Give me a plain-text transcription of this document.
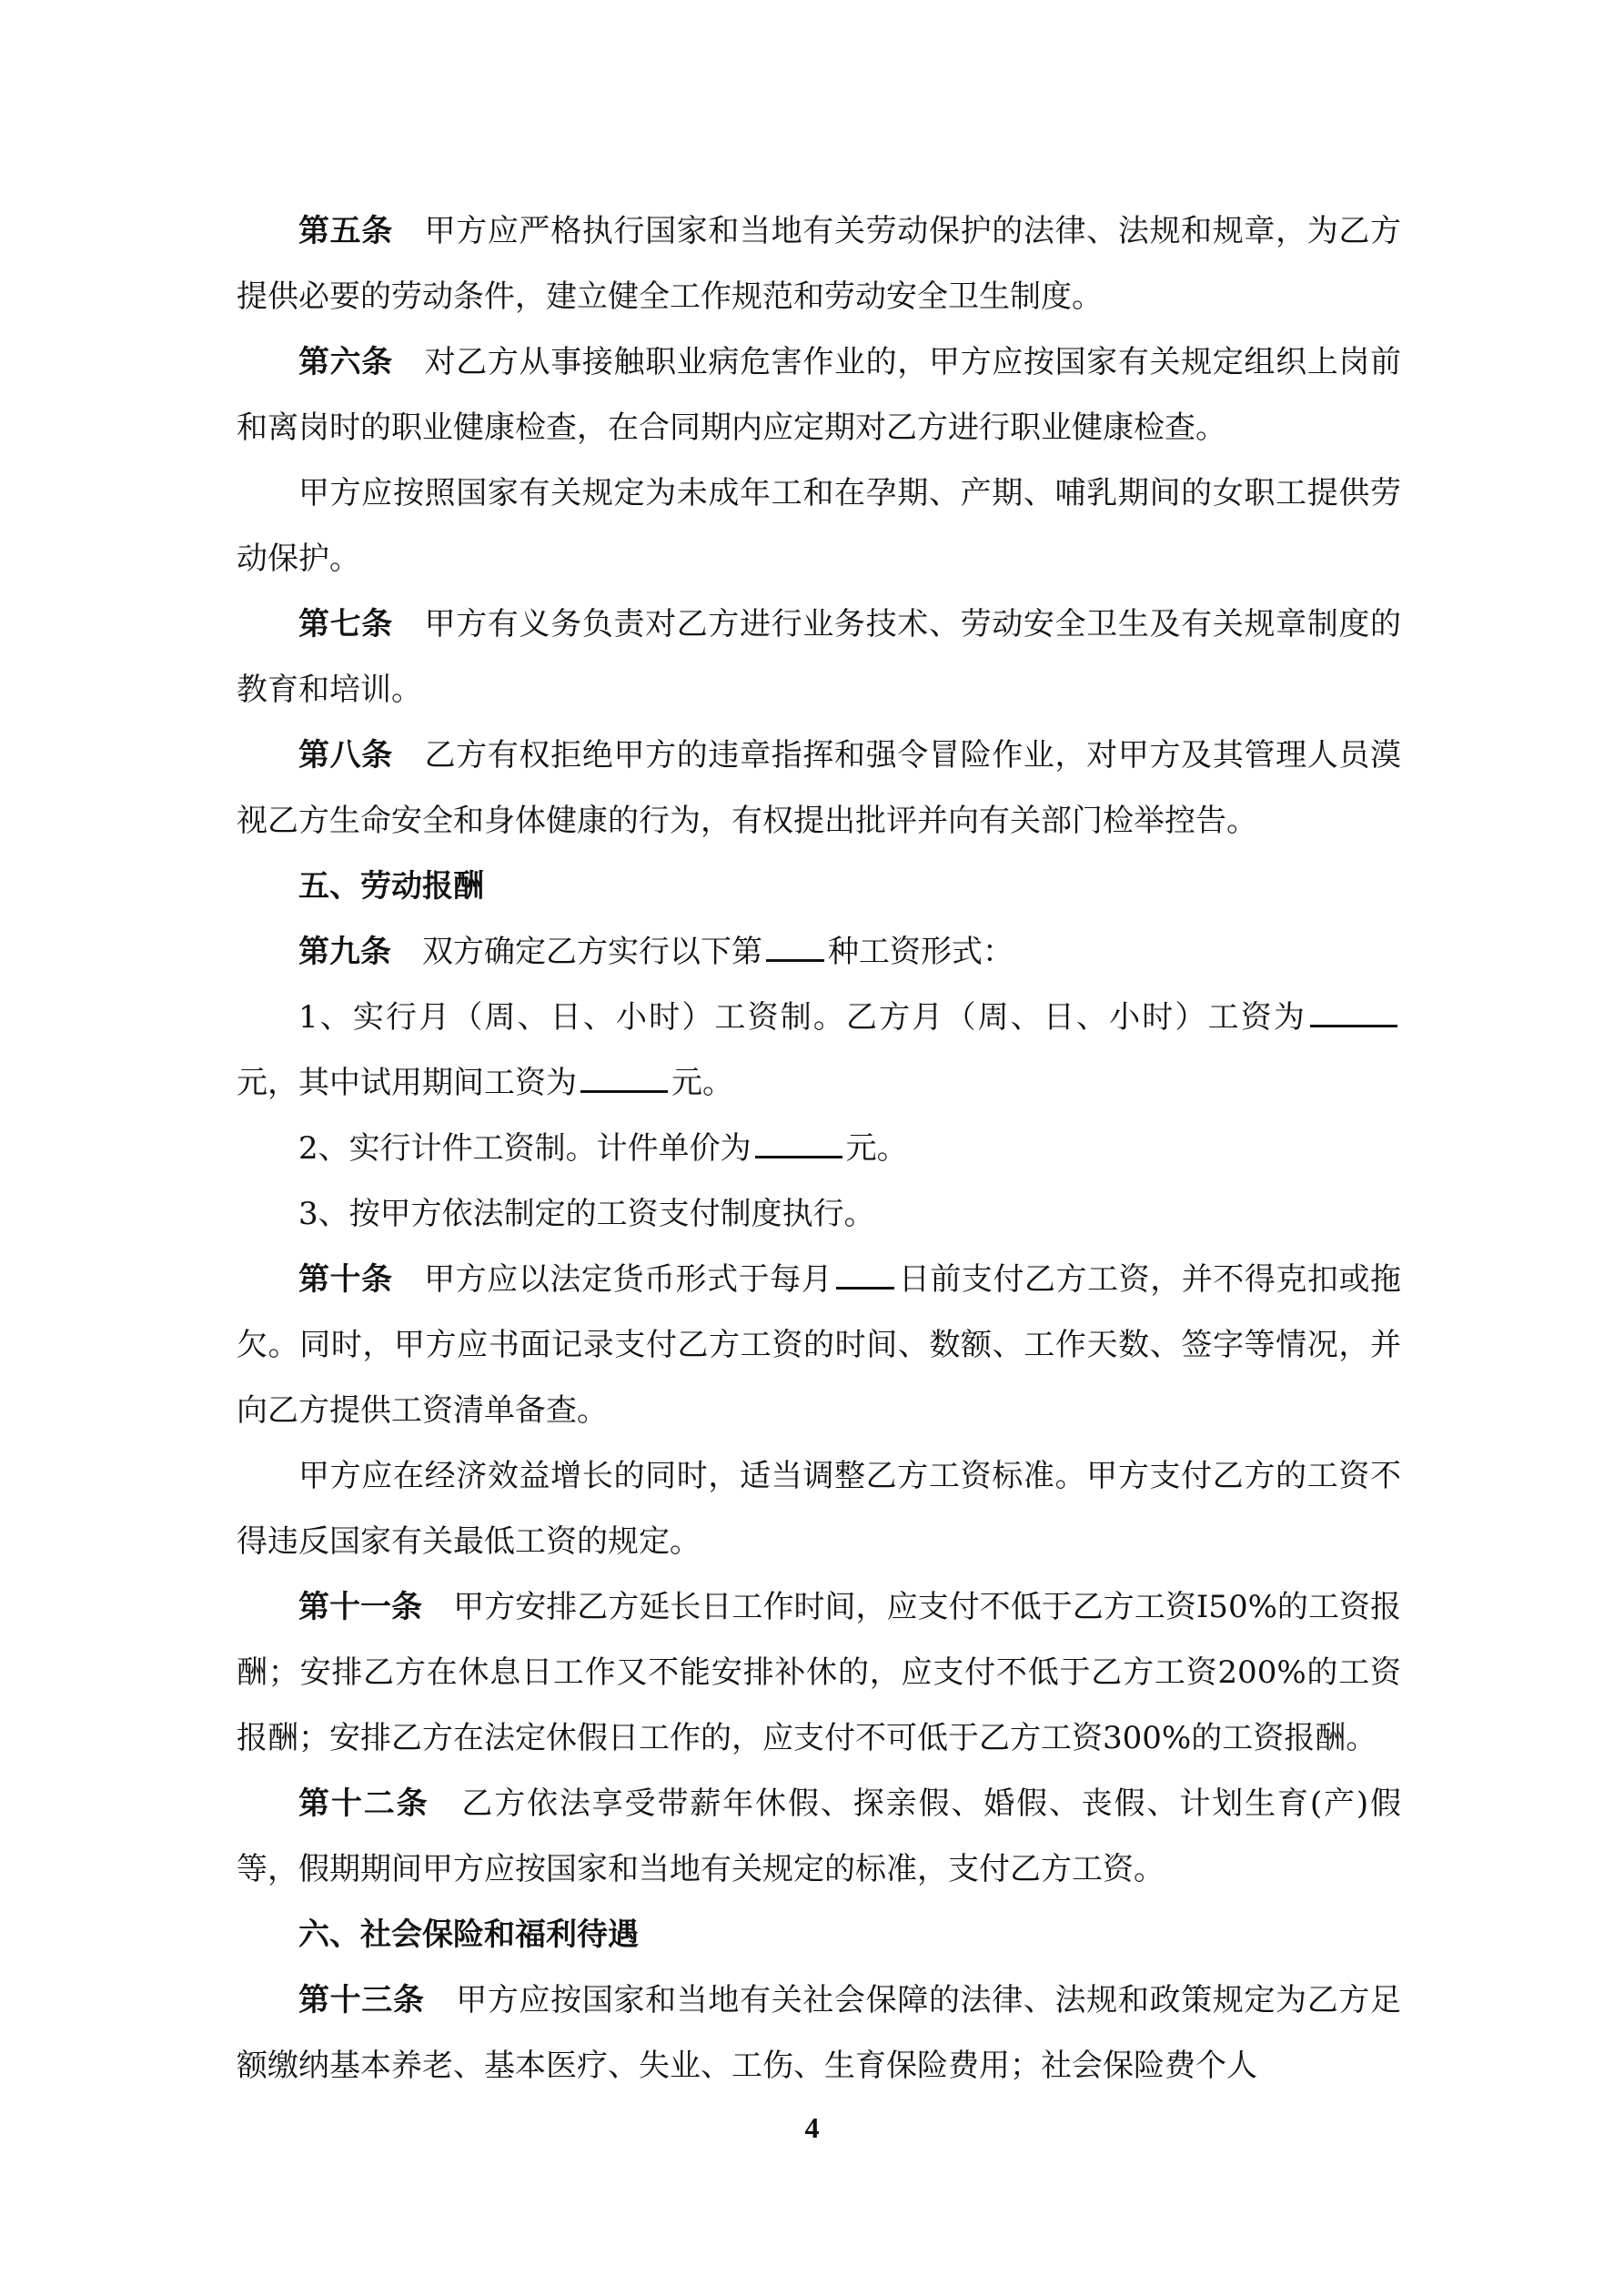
第五条 甲方应严格执行国家和当地有关劳动保护的法律、法规和规章，为乙方提供必要的劳动条件，建立健全工作规范和劳动安全卫生制度。

第六条 对乙方从事接触职业病危害作业的，甲方应按国家有关规定组织上岗前和离岗时的职业健康检查，在合同期内应定期对乙方进行职业健康检查。

甲方应按照国家有关规定为未成年工和在孕期、产期、哺乳期间的女职工提供劳动保护。

第七条 甲方有义务负责对乙方进行业务技术、劳动安全卫生及有关规章制度的教育和培训。

第八条 乙方有权拒绝甲方的违章指挥和强令冒险作业，对甲方及其管理人员漠视乙方生命安全和身体健康的行为，有权提出批评并向有关部门检举控告。

五、劳动报酬

第九条 双方确定乙方实行以下第 种工资形式：

1、实行月（周、日、小时）工资制。乙方月（周、日、小时）工资为元，其中试用期间工资为	元。

2、实行计件工资制。计件单价为	元。

3、按甲方依法制定的工资支付制度执行。

第十条 甲方应以法定货币形式于每月 日前支付乙方工资，并不得克扣或拖欠。同时，甲方应书面记录支付乙方工资的时间、数额、工作天数、签字等情况，并向乙方提供工资清单备查。

甲方应在经济效益增长的同时，适当调整乙方工资标准。甲方支付乙方的工资不得违反国家有关最低工资的规定。

第十一条 甲方安排乙方延长日工作时间，应支付不低于乙方工资I50%的工资报酬；安排乙方在休息日工作又不能安排补休的，应支付不低于乙方工资200%的工资报酬；安排乙方在法定休假日工作的，应支付不可低于乙方工资300%的工资报酬。

第十二条 乙方依法享受带薪年休假、探亲假、婚假、丧假、计划生育(产)假等，假期期间甲方应按国家和当地有关规定的标准，支付乙方工资。

六、社会保险和福利待遇

第十三条 甲方应按国家和当地有关社会保障的法律、法规和政策规定为乙方足额缴纳基本养老、基本医疗、失业、工伤、生育保险费用；社会保险费个人

4
